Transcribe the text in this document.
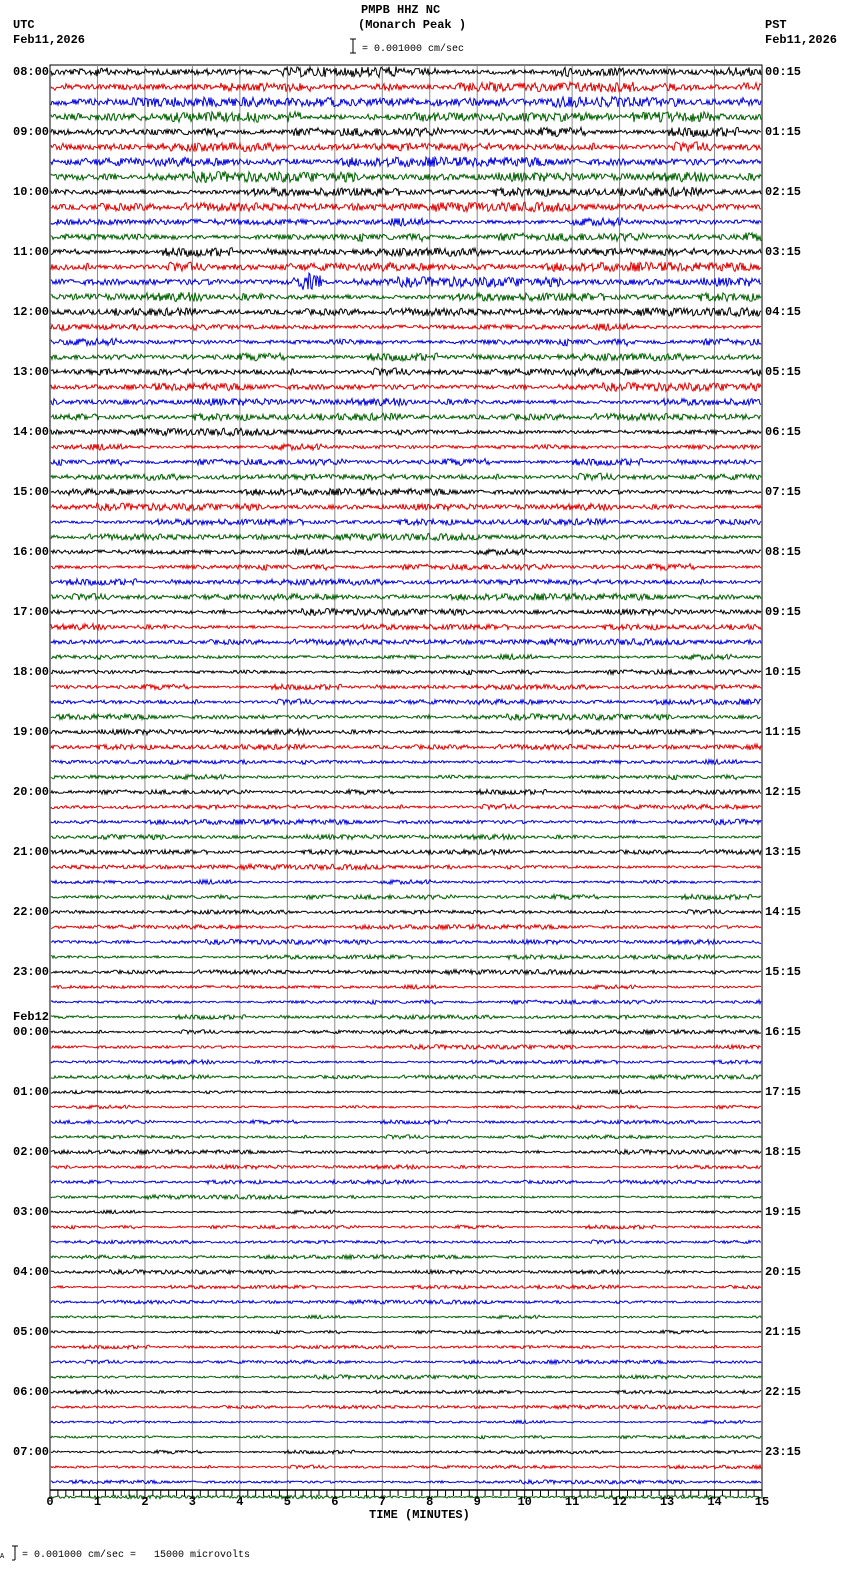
0	1	2	3	4	5	6	7	8	9	10	11	12	13	14	15
PMPB HHZ NC
(Monarch Peak )
UTC
Feb11,2026
PST
Feb11,2026
= 0.001000 cm/sec
= 0.001000 cm/sec =   15000 microvolts
A
TIME (MINUTES)
08:00
09:00
10:00
11:00
12:00
13:00
14:00
15:00
16:00
17:00
18:00
19:00
20:00
21:00
22:00
23:00
00:00
01:00
02:00
03:00
04:00
05:00
06:00
07:00
00:15
01:15
02:15
03:15
04:15
05:15
06:15
07:15
08:15
09:15
10:15
11:15
12:15
13:15
14:15
15:15
16:15
17:15
18:15
19:15
20:15
21:15
22:15
23:15
Feb12
